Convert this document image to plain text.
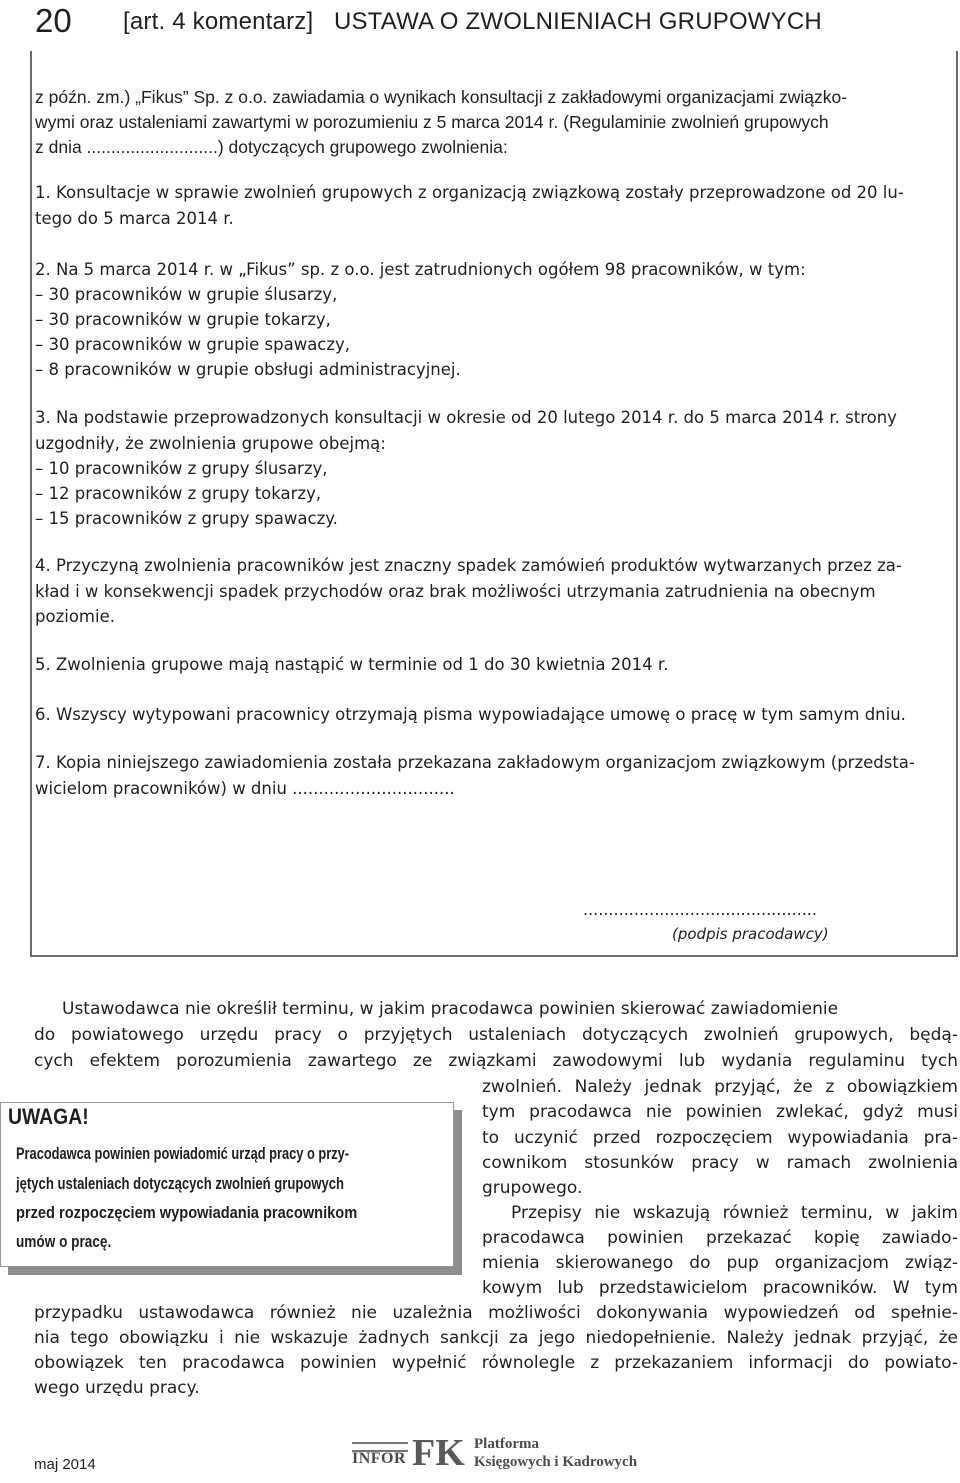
20 [art. 4 komentarz]   USTAWA O ZWOLNIENIACH GRUPOWYCH
z późn. zm.) „Fikus” Sp. z o.o. zawiadamia o wynikach konsultacji z zakładowymi organizacjami związko-
wymi oraz ustaleniami zawartymi w porozumieniu z 5 marca 2014 r. (Regulaminie zwolnień grupowych
z dnia ...........................) dotyczących grupowego zwolnienia:
1. Konsultacje w sprawie zwolnień grupowych z organizacją związkową zostały przeprowadzone od 20 lu-
tego do 5 marca 2014 r.
2. Na 5 marca 2014 r. w „Fikus” sp. z o.o. jest zatrudnionych ogółem 98 pracowników, w tym:
– 30 pracowników w grupie ślusarzy,
– 30 pracowników w grupie tokarzy,
– 30 pracowników w grupie spawaczy,
– 8 pracowników w grupie obsługi administracyjnej.
3. Na podstawie przeprowadzonych konsultacji w okresie od 20 lutego 2014 r. do 5 marca 2014 r. strony
uzgodniły, że zwolnienia grupowe obejmą:
– 10 pracowników z grupy ślusarzy,
– 12 pracowników z grupy tokarzy,
– 15 pracowników z grupy spawaczy.
4. Przyczyną zwolnienia pracowników jest znaczny spadek zamówień produktów wytwarzanych przez za-
kład i w konsekwencji spadek przychodów oraz brak możliwości utrzymania zatrudnienia na obecnym
poziomie.
5. Zwolnienia grupowe mają nastąpić w terminie od 1 do 30 kwietnia 2014 r.
6. Wszyscy wytypowani pracownicy otrzymają pisma wypowiadające umowę o pracę w tym samym dniu.
7. Kopia niniejszego zawiadomienia została przekazana zakładowym organizacjom związkowym (przedsta-
wicielom pracowników) w dniu ...............................
..............................................
(podpis pracodawcy)
Ustawodawca nie określił terminu, w jakim pracodawca powinien skierować zawiadomienie
do powiatowego urzędu pracy o przyjętych ustaleniach dotyczących zwolnień grupowych, będą-
cych efektem porozumienia zawartego ze związkami zawodowymi lub wydania regulaminu tych
zwolnień. Należy jednak przyjąć, że z obowiązkiem
tym pracodawca nie powinien zwlekać, gdyż musi
to uczynić przed rozpoczęciem wypowiadania pra-
cownikom stosunków pracy w ramach zwolnienia
grupowego.
Przepisy nie wskazują również terminu, w jakim
pracodawca powinien przekazać kopię zawiado-
mienia skierowanego do pup organizacjom związ-
kowym lub przedstawicielom pracowników. W tym
przypadku ustawodawca również nie uzależnia możliwości dokonywania wypowiedzeń od spełnie-
nia tego obowiązku i nie wskazuje żadnych sankcji za jego niedopełnienie. Należy jednak przyjąć, że
obowiązek ten pracodawca powinien wypełnić równolegle z przekazaniem informacji do powiato-
wego urzędu pracy.
UWAGA!
Pracodawca powinien powiadomić urząd pracy o przy-
jętych ustaleniach dotyczących zwolnień grupowych
przed rozpoczęciem wypowiadania pracownikom
umów o pracę.
maj 2014	INFOR FK Platforma
Księgowych i Kadrowych
